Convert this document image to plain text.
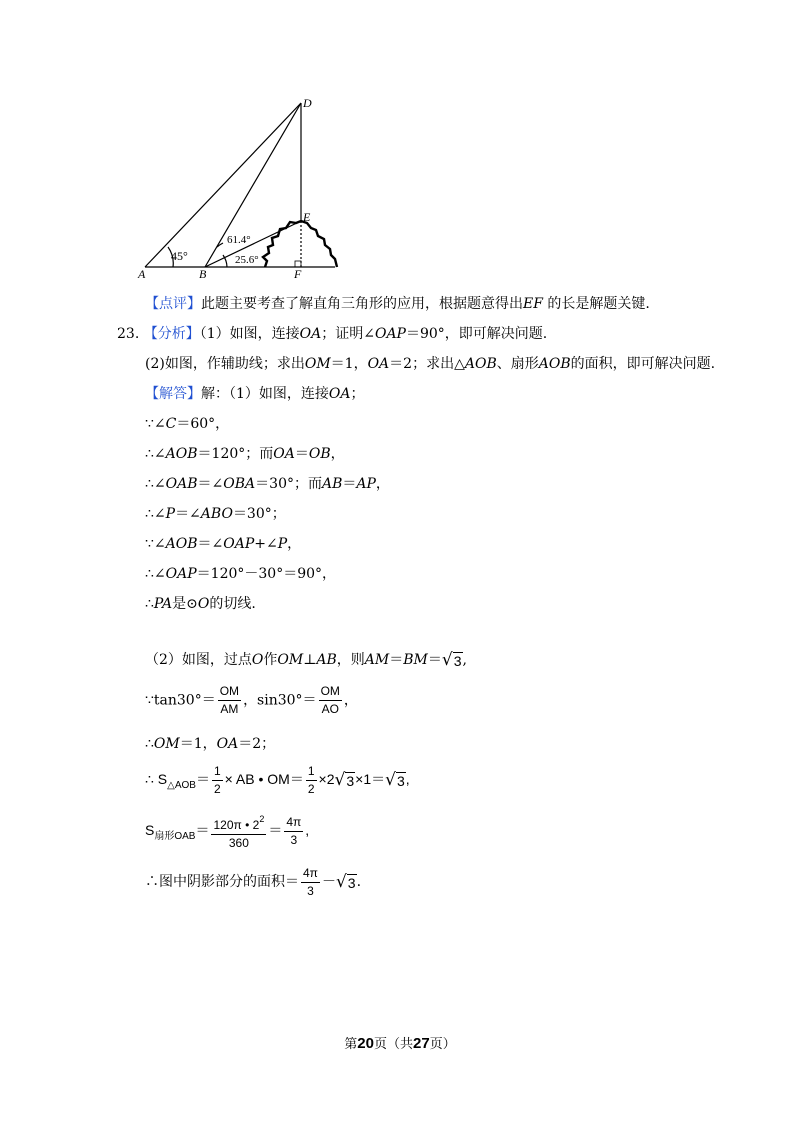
D
E
A	B	F
45°
61.4°
25.6°
【点评】此题主要考查了解直角三角形的应用，根据题意得出EF 的长是解题关键.
23. 【分析】（1）如图，连接OA；证明∠OAP＝90°，即可解决问题.
(2)如图，作辅助线；求出OM＝1，OA＝2；求出△AOB、扇形AOB的面积，即可解决问题.
【解答】解：（1）如图，连接OA；
∵∠C＝60°，
∴∠AOB＝120°；而OA＝OB，
∴∠OAB＝∠OBA＝30°；而AB＝AP，
∴∠P＝∠ABO＝30°；
∵∠AOB＝∠OAP+∠P，
∴∠OAP＝120°－30°＝90°，
∴PA是⊙O的切线.
（2）如图，过点O作OM⊥AB，则AM＝BM＝ √ 3 ,
∵tan30°＝ $\frac{OM}{AM}$ ，$\sin 30^\circ= \frac{OM}{AO}$ ，
∴OM＝1，OA＝2；
∴ $S_{\triangle AOB}= \frac{1}{2}$ × AB • $OM= \frac{1}{2} \times 2$ √ 3 ×1＝ √ 3 ,
$S_{扇形OAB}= \frac{120\pi • 2^2}{360} = \frac{4\pi}{3}$ ,
∴图中阴影部分的面积＝ $\frac{4\pi}{3}$ － √ 3 .
第20页（共27页）
